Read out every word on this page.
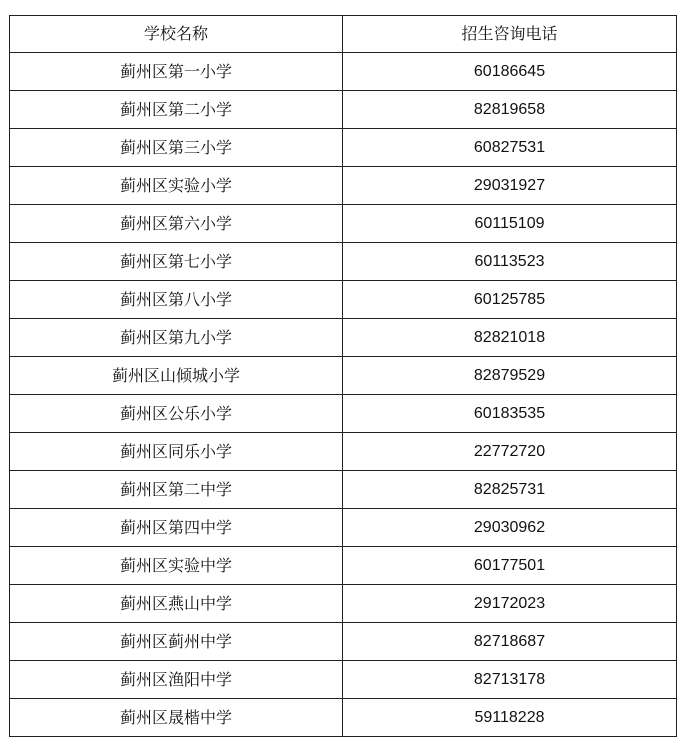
学校名称	招生咨询电话
蓟州区第一小学	60186645
蓟州区第二小学	82819658
蓟州区第三小学	60827531
蓟州区实验小学	29031927
蓟州区第六小学	60115109
蓟州区第七小学	60113523
蓟州区第八小学	60125785
蓟州区第九小学	82821018
蓟州区山倾城小学	82879529
蓟州区公乐小学	60183535
蓟州区同乐小学	22772720
蓟州区第二中学	82825731
蓟州区第四中学	29030962
蓟州区实验中学	60177501
蓟州区燕山中学	29172023
蓟州区蓟州中学	82718687
蓟州区渔阳中学	82713178
蓟州区晟楷中学	59118228
